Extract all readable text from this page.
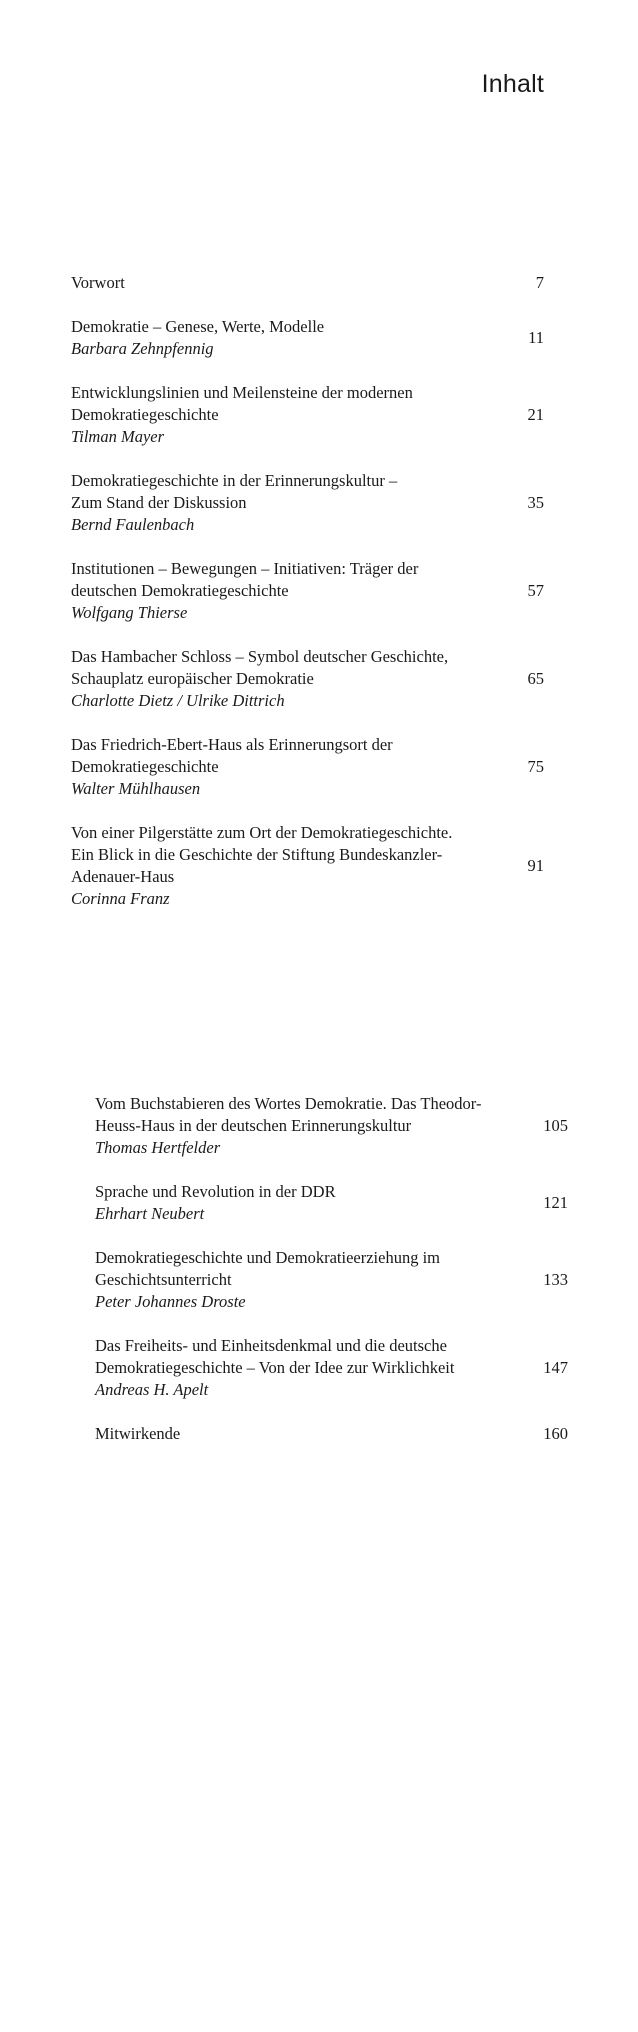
Inhalt
Vorwort	7
Demokratie – Genese, Werte, Modelle
Barbara Zehnpfennig
11
Entwicklungslinien und Meilensteine der modernen
Demokratiegeschichte
Tilman Mayer
21
Demokratiegeschichte in der Erinnerungskultur –
Zum Stand der Diskussion
Bernd Faulenbach
35
Institutionen – Bewegungen – Initiativen: Träger der
deutschen Demokratiegeschichte
Wolfgang Thierse
57
Das Hambacher Schloss – Symbol deutscher Geschichte,
Schauplatz europäischer Demokratie
Charlotte Dietz / Ulrike Dittrich
65
Das Friedrich-Ebert-Haus als Erinnerungsort der
Demokratiegeschichte
Walter Mühlhausen
75
Von einer Pilgerstätte zum Ort der Demokratiegeschichte.
Ein Blick in die Geschichte der Stiftung Bundeskanzler-
Adenauer-Haus
Corinna Franz
91
Vom Buchstabieren des Wortes Demokratie. Das Theodor-
Heuss-Haus in der deutschen Erinnerungskultur
Thomas Hertfelder
105
Sprache und Revolution in der DDR
Ehrhart Neubert
121
Demokratiegeschichte und Demokratieerziehung im
Geschichtsunterricht
Peter Johannes Droste
133
Das Freiheits- und Einheitsdenkmal und die deutsche
Demokratiegeschichte – Von der Idee zur Wirklichkeit
Andreas H. Apelt
147
Mitwirkende	160
